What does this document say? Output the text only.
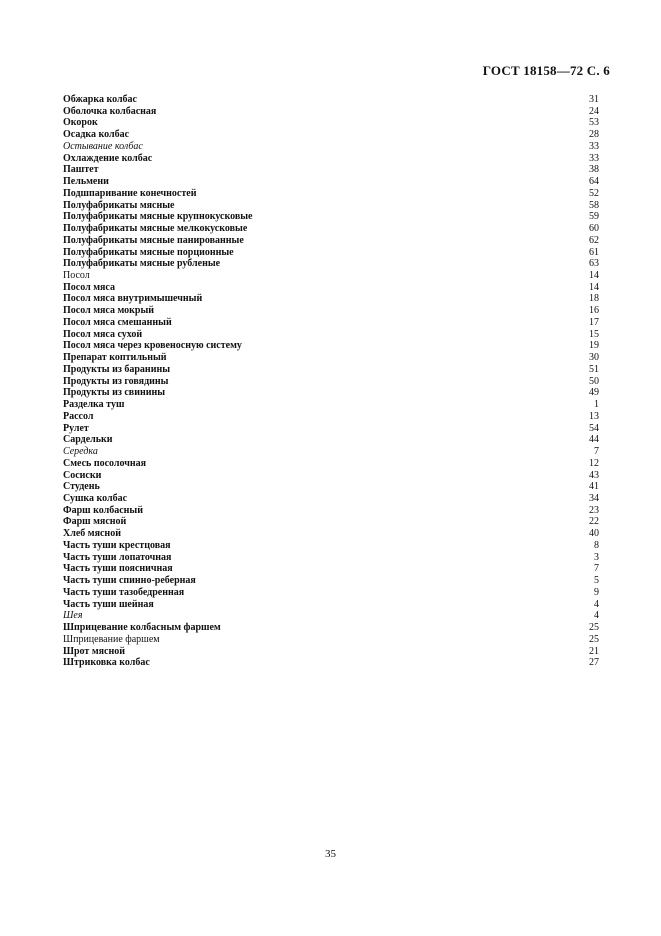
ГОСТ 18158—72 С. 6
Обжарка колбас	31
Оболочка колбасная	24
Окорок	53
Осадка колбас	28
Остывание колбас	33
Охлаждение колбас	33
Паштет	38
Пельмени	64
Подшпаривание конечностей	52
Полуфабрикаты мясные	58
Полуфабрикаты мясные крупнокусковые	59
Полуфабрикаты мясные мелкокусковые	60
Полуфабрикаты мясные панированные	62
Полуфабрикаты мясные порционные	61
Полуфабрикаты мясные рубленые	63
Посол	14
Посол мяса	14
Посол мяса внутримышечный	18
Посол мяса мокрый	16
Посол мяса смешанный	17
Посол мяса сухой	15
Посол мяса через кровеносную систему	19
Препарат коптильный	30
Продукты из баранины	51
Продукты из говядины	50
Продукты из свинины	49
Разделка туш	1
Рассол	13
Рулет	54
Сардельки	44
Середка	7
Смесь посолочная	12
Сосиски	43
Студень	41
Сушка колбас	34
Фарш колбасный	23
Фарш мясной	22
Хлеб мясной	40
Часть туши крестцовая	8
Часть туши лопаточная	3
Часть туши поясничная	7
Часть туши спинно-реберная	5
Часть туши тазобедренная	9
Часть туши шейная	4
Шея	4
Шприцевание колбасным фаршем	25
Шприцевание фаршем	25
Шрот мясной	21
Штриковка колбас	27
35
